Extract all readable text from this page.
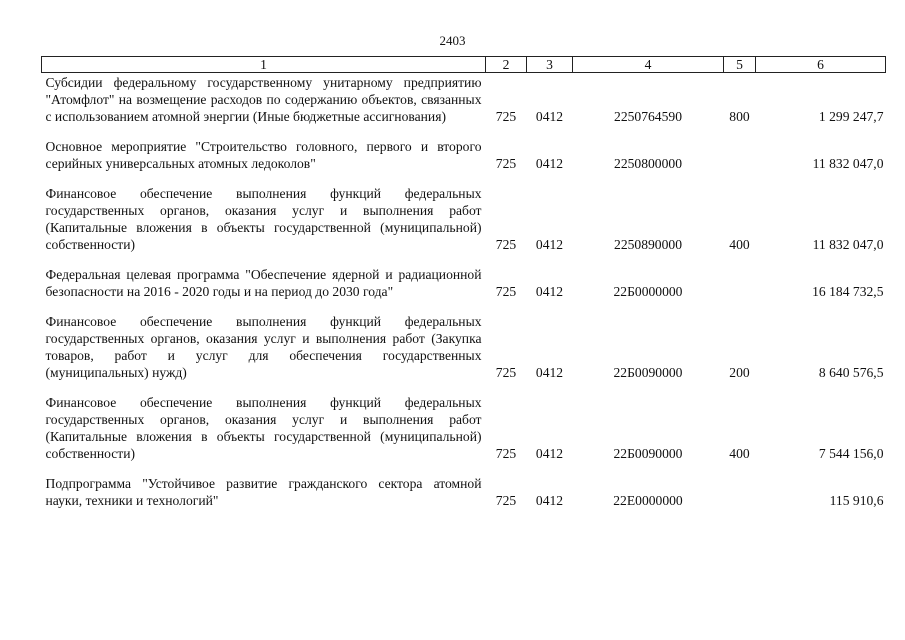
2403
1	2	3	4	5	6
Субсидии федеральному государственному унитарному предприятию "Атомфлот" на возмещение расходов по содержанию объектов, связанных с использованием атомной энергии (Иные бюджетные ассигнования)	725	0412	2250764590	800	1 299 247,7
Основное мероприятие "Строительство головного, первого и второго серийных универсальных атомных ледоколов"	725	0412	2250800000		11 832 047,0
Финансовое обеспечение выполнения функций федеральных государственных органов, оказания услуг и выполнения работ (Капитальные вложения в объекты государственной (муниципальной) собственности)	725	0412	2250890000	400	11 832 047,0
Федеральная целевая программа "Обеспечение ядерной и радиационной безопасности на 2016 - 2020 годы и на период до 2030 года"	725	0412	22Б0000000		16 184 732,5
Финансовое обеспечение выполнения функций федеральных государственных органов, оказания услуг и выполнения работ (Закупка товаров, работ и услуг для обеспечения государственных (муниципальных) нужд)	725	0412	22Б0090000	200	8 640 576,5
Финансовое обеспечение выполнения функций федеральных государственных органов, оказания услуг и выполнения работ (Капитальные вложения в объекты государственной (муниципальной) собственности)	725	0412	22Б0090000	400	7 544 156,0
Подпрограмма "Устойчивое развитие гражданского сектора атомной науки, техники и технологий"	725	0412	22Е0000000		115 910,6
